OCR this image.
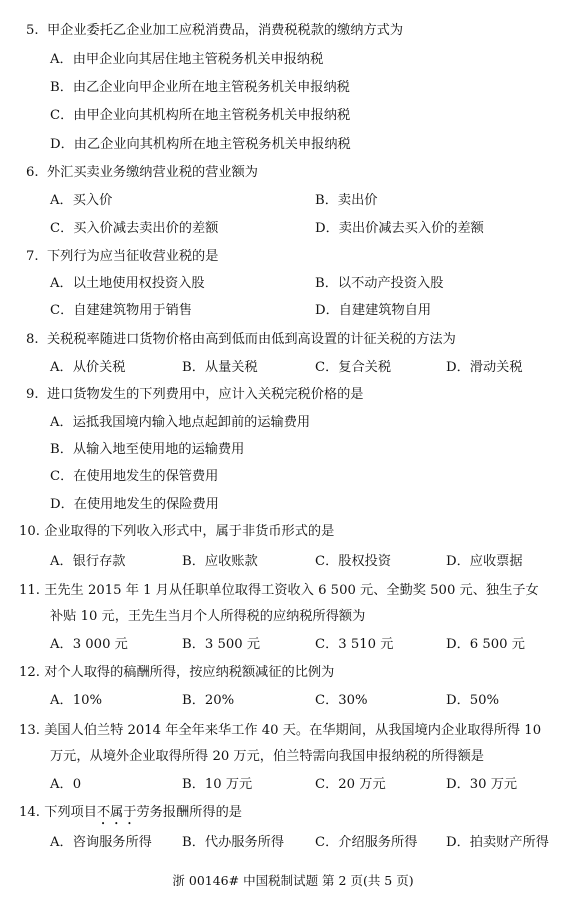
5. 甲企业委托乙企业加工应税消费品，消费税税款的缴纳方式为
A．由甲企业向其居住地主管税务机关申报纳税
B．由乙企业向甲企业所在地主管税务机关申报纳税
C．由甲企业向其机构所在地主管税务机关申报纳税
D．由乙企业向其机构所在地主管税务机关申报纳税
6. 外汇买卖业务缴纳营业税的营业额为
A．买入价	B．卖出价
C．买入价减去卖出价的差额	D．卖出价减去买入价的差额
7. 下列行为应当征收营业税的是
A．以土地使用权投资入股	B．以不动产投资入股
C．自建建筑物用于销售	D．自建建筑物自用
8. 关税税率随进口货物价格由高到低而由低到高设置的计征关税的方法为
A．从价关税	B．从量关税	C．复合关税	D．滑动关税
9. 进口货物发生的下列费用中，应计入关税完税价格的是
A．运抵我国境内输入地点起卸前的运输费用
B．从输入地至使用地的运输费用
C．在使用地发生的保管费用
D．在使用地发生的保险费用
10. 企业取得的下列收入形式中，属于非货币形式的是
A．银行存款	B．应收账款	C．股权投资	D．应收票据
11. 王先生 2015 年 1 月从任职单位取得工资收入 6 500 元、全勤奖 500 元、独生子女
补贴 10 元，王先生当月个人所得税的应纳税所得额为
A．3 000 元	B．3 500 元	C．3 510 元	D．6 500 元
12. 对个人取得的稿酬所得，按应纳税额减征的比例为
A．10%	B．20%	C．30%	D．50%
13. 美国人伯兰特 2014 年全年来华工作 40 天。在华期间，从我国境内企业取得所得 10
万元，从境外企业取得所得 20 万元，伯兰特需向我国申报纳税的所得额是
A．0	B．10 万元	C．20 万元	D．30 万元
14. 下列项目不属于劳务报酬所得的是
A．咨询服务所得 B．代办服务所得 C．介绍服务所得 D．拍卖财产所得
浙 00146# 中国税制试题 第 2 页(共 5 页)
